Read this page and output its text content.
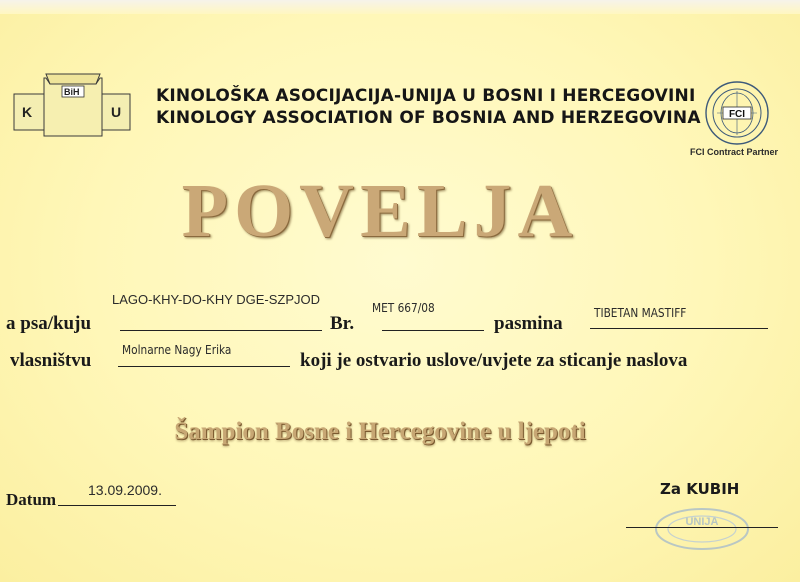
K
BiH
U
KINOLOŠKA ASOCIJACIJA-UNIJA U BOSNI I HERCEGOVINI
KINOLOGY ASSOCIATION OF BOSNIA AND HERZEGOVINA	FCI
FCI Contract Partner
POVELJA
a psa/kuju
LAGO-KHY-DO-KHY DGE-SZPJOD
Br.
MET 667/08
pasmina	TIBETAN MASTIFF
vlasništvu	Molnarne Nagy Erika	koji je ostvario uslove/uvjete za sticanje naslova
Šampion Bosne i Hercegovine u ljepoti
Datum 13.09.2009.	Za KUBIH
UNIJA
